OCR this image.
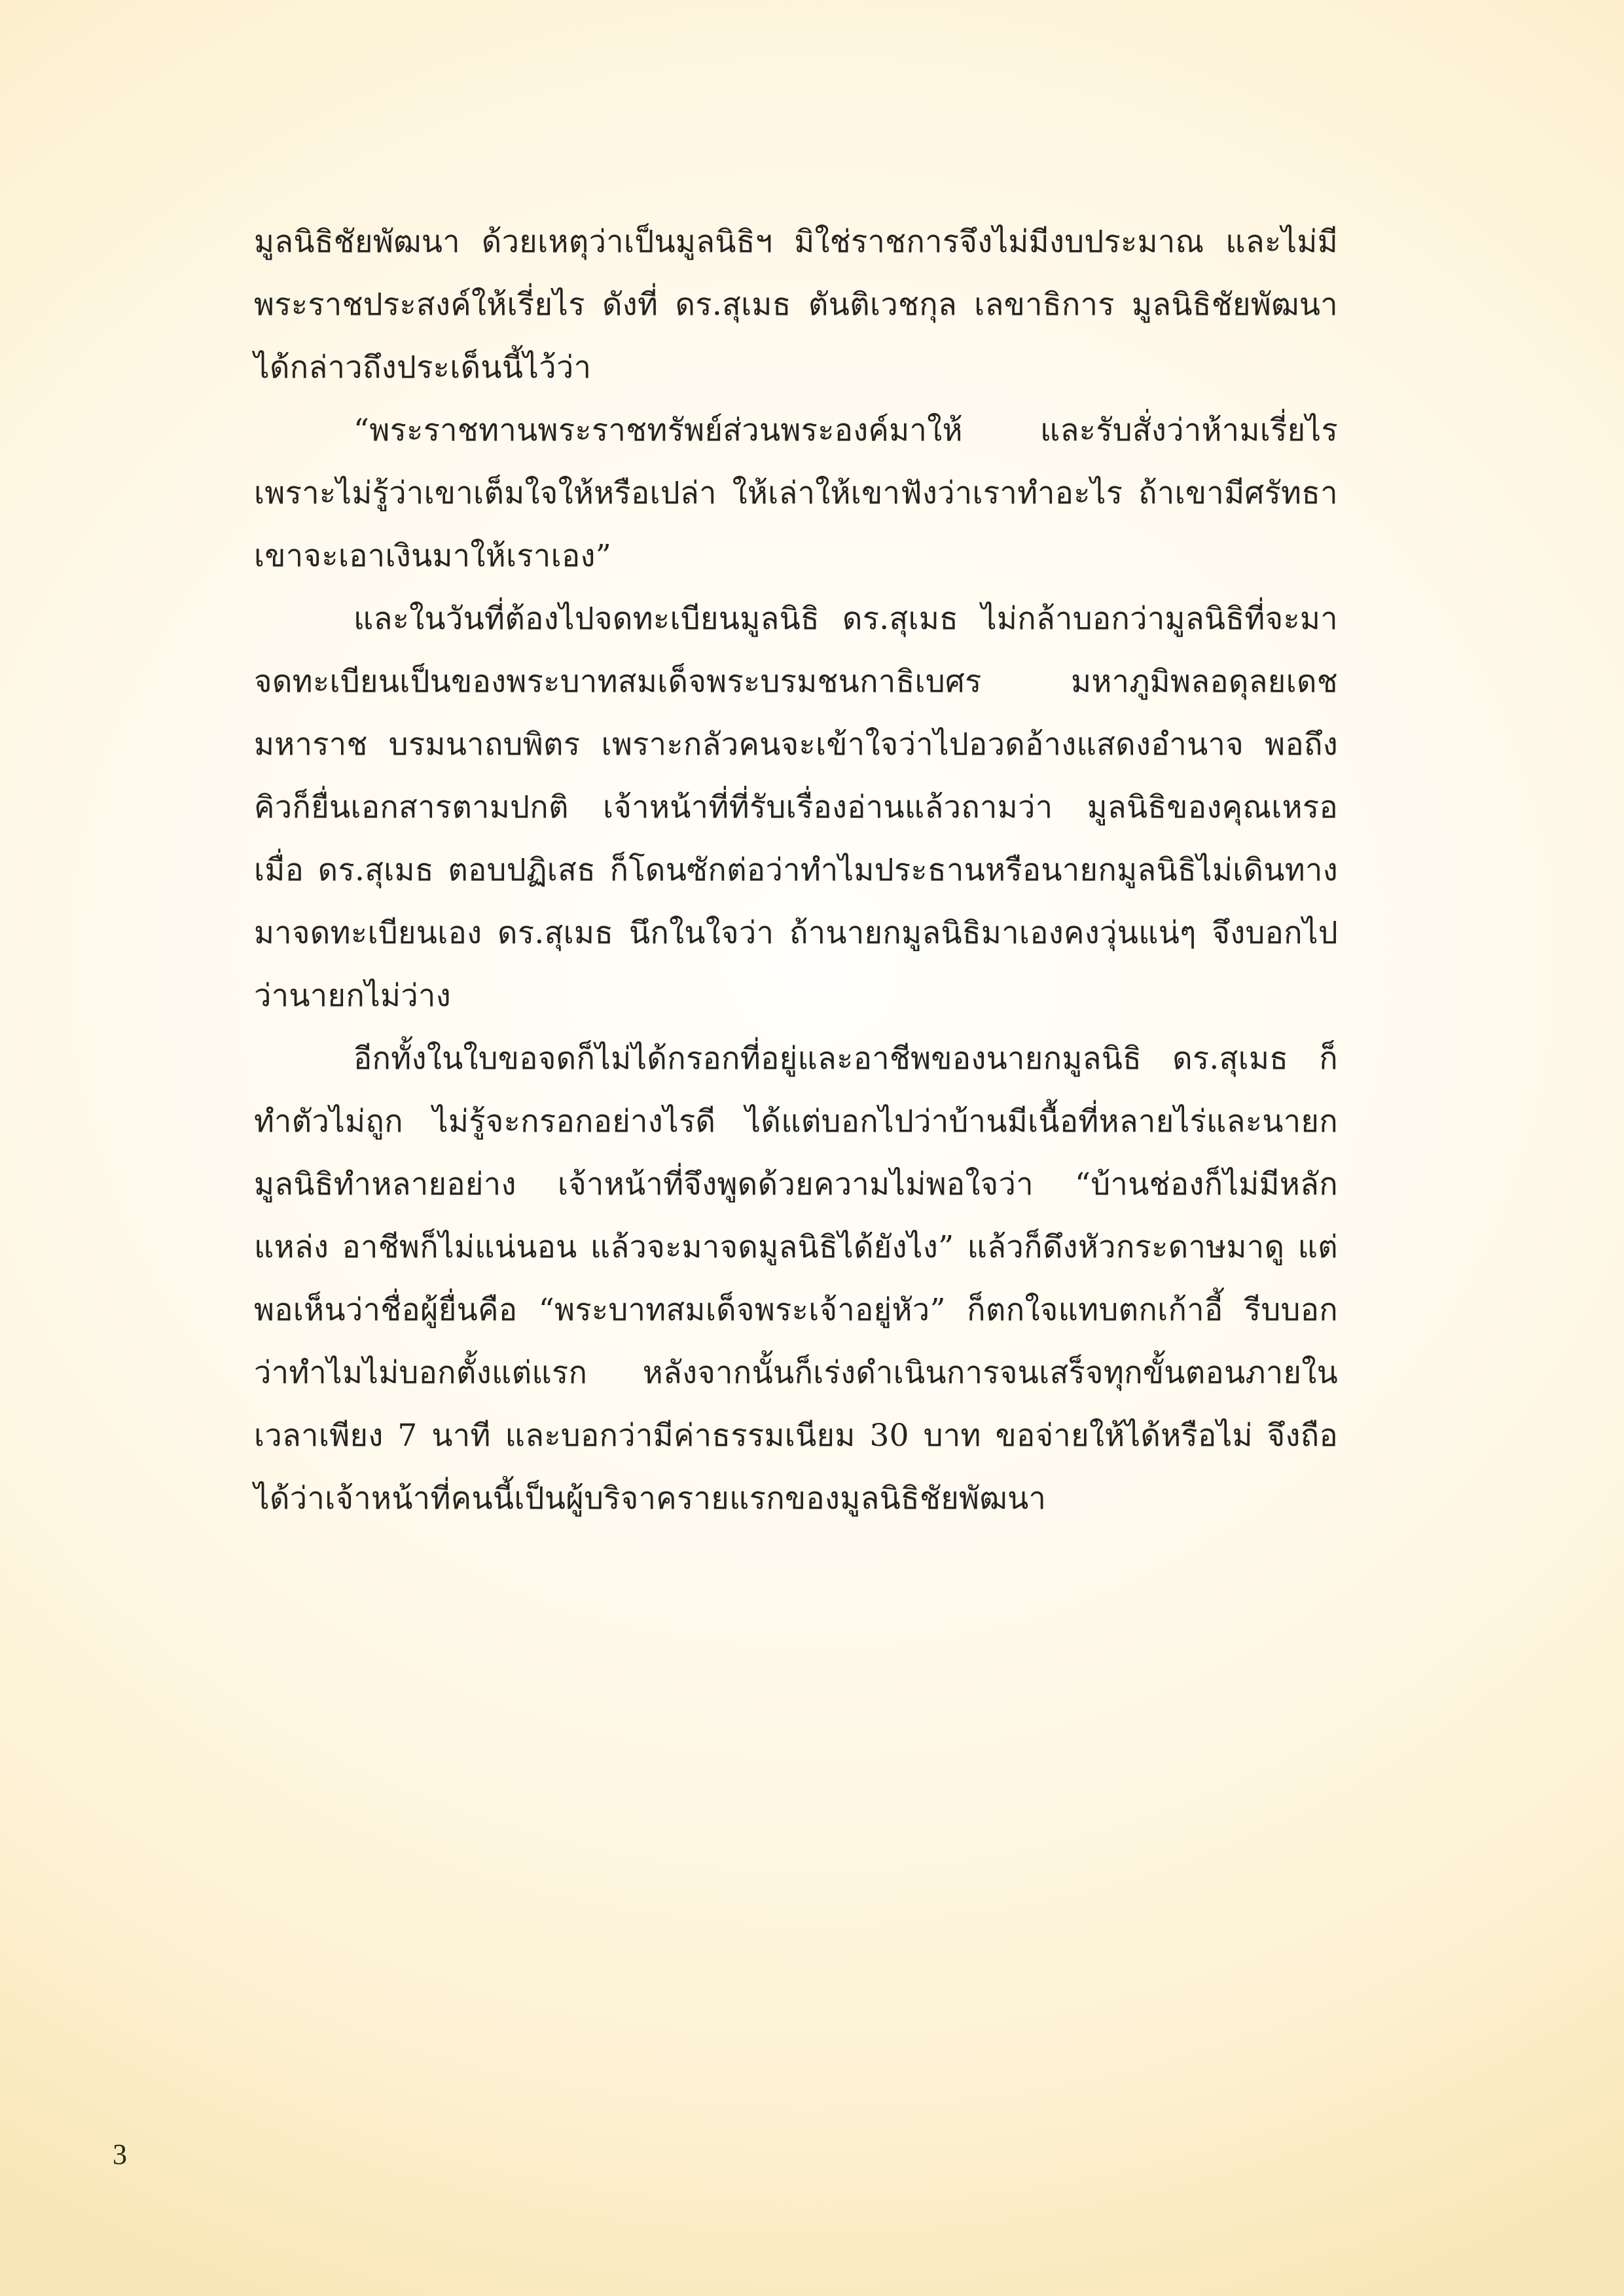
มูลนิธิชัยพัฒนา ด้วยเหตุว่าเป็นมูลนิธิฯ มิใช่ราชการจึงไม่มีงบประมาณ และไม่มีพระราชประสงค์ให้เรี่ยไร ดังที่ ดร.สุเมธ ตันติเวชกุล เลขาธิการ มูลนิธิชัยพัฒนา ได้กล่าวถึงประเด็นนี้ไว้ว่า

“พระราชทานพระราชทรัพย์ส่วนพระองค์มาให้ และรับสั่งว่าห้ามเรี่ยไร เพราะไม่รู้ว่าเขาเต็มใจให้หรือเปล่า ให้เล่าให้เขาฟังว่าเราทำอะไร ถ้าเขามีศรัทธาเขาจะเอาเงินมาให้เราเอง”

และในวันที่ต้องไปจดทะเบียนมูลนิธิ ดร.สุเมธ ไม่กล้าบอกว่ามูลนิธิที่จะมาจดทะเบียนเป็นของพระบาทสมเด็จพระบรมชนกาธิเบศร มหาภูมิพลอดุลยเดชมหาราช บรมนาถบพิตร เพราะกลัวคนจะเข้าใจว่าไปอวดอ้างแสดงอำนาจ พอถึงคิวก็ยื่นเอกสารตามปกติ เจ้าหน้าที่ที่รับเรื่องอ่านแล้วถามว่า มูลนิธิของคุณเหรอ เมื่อ ดร.สุเมธ ตอบปฏิเสธ ก็โดนซักต่อว่าทำไมประธานหรือนายกมูลนิธิไม่เดินทางมาจดทะเบียนเอง ดร.สุเมธ นึกในใจว่า ถ้านายกมูลนิธิมาเองคงวุ่นแน่ๆ จึงบอกไปว่านายกไม่ว่าง

อีกทั้งในใบขอจดก็ไม่ได้กรอกที่อยู่และอาชีพของนายกมูลนิธิ ดร.สุเมธ ก็ทำตัวไม่ถูก ไม่รู้จะกรอกอย่างไรดี ได้แต่บอกไปว่าบ้านมีเนื้อที่หลายไร่และนายกมูลนิธิทำหลายอย่าง เจ้าหน้าที่จึงพูดด้วยความไม่พอใจว่า “บ้านช่องก็ไม่มีหลักแหล่ง อาชีพก็ไม่แน่นอน แล้วจะมาจดมูลนิธิได้ยังไง” แล้วก็ดึงหัวกระดาษมาดู แต่พอเห็นว่าชื่อผู้ยื่นคือ “พระบาทสมเด็จพระเจ้าอยู่หัว” ก็ตกใจแทบตกเก้าอี้ รีบบอกว่าทำไมไม่บอกตั้งแต่แรก หลังจากนั้นก็เร่งดำเนินการจนเสร็จทุกขั้นตอนภายในเวลาเพียง 7 นาที และบอกว่ามีค่าธรรมเนียม 30 บาท ขอจ่ายให้ได้หรือไม่ จึงถือได้ว่าเจ้าหน้าที่คนนี้เป็นผู้บริจาครายแรกของมูลนิธิชัยพัฒนา

3
